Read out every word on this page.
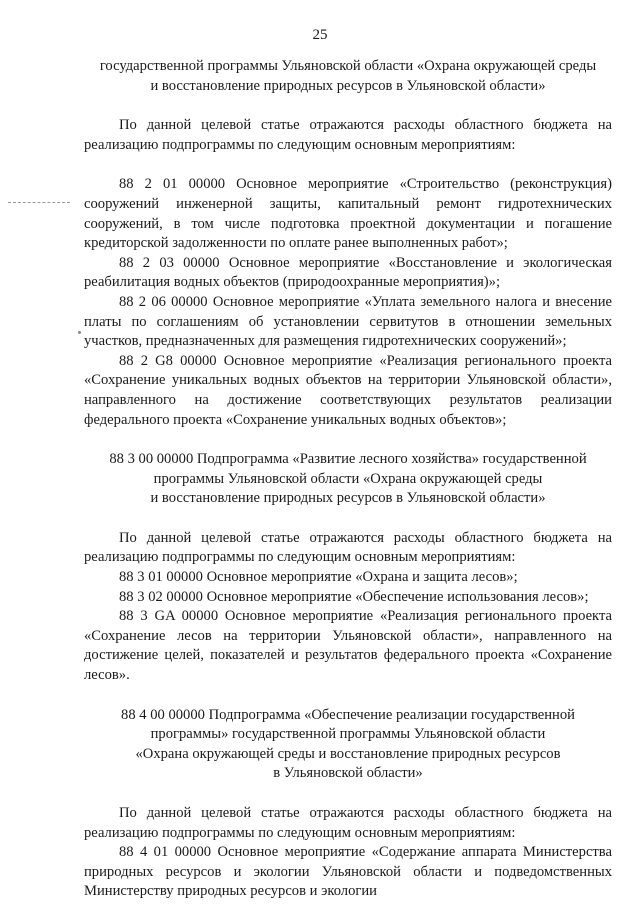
25
государственной программы Ульяновской области «Охрана окружающей среды
и восстановление природных ресурсов в Ульяновской области»

По данной целевой статье отражаются расходы областного бюджета на реализацию подпрограммы по следующим основным мероприятиям:

88 2 01 00000 Основное мероприятие «Строительство (реконструкция) сооружений инженерной защиты, капитальный ремонт гидротехнических сооружений, в том числе подготовка проектной документации и погашение кредиторской задолженности по оплате ранее выполненных работ»;

88 2 03 00000 Основное мероприятие «Восстановление и экологическая реабилитация водных объектов (природоохранные мероприятия)»;

88 2 06 00000 Основное мероприятие «Уплата земельного налога и внесение платы по соглашениям об установлении сервитутов в отношении земельных участков, предназначенных для размещения гидротехнических сооружений»;

88 2 G8 00000 Основное мероприятие «Реализация регионального проекта «Сохранение уникальных водных объектов на территории Ульяновской области», направленного на достижение соответствующих результатов реализации федерального проекта «Сохранение уникальных водных объектов»;

88 3 00 00000 Подпрограмма «Развитие лесного хозяйства» государственной
программы Ульяновской области «Охрана окружающей среды
и восстановление природных ресурсов в Ульяновской области»

По данной целевой статье отражаются расходы областного бюджета на реализацию подпрограммы по следующим основным мероприятиям:

88 3 01 00000 Основное мероприятие «Охрана и защита лесов»;

88 3 02 00000 Основное мероприятие «Обеспечение использования лесов»;

88 3 GA 00000 Основное мероприятие «Реализация регионального проекта «Сохранение лесов на территории Ульяновской области», направленного на достижение целей, показателей и результатов федерального проекта «Сохранение лесов».

88 4 00 00000 Подпрограмма «Обеспечение реализации государственной
программы» государственной программы Ульяновской области
«Охрана окружающей среды и восстановление природных ресурсов
в Ульяновской области»

По данной целевой статье отражаются расходы областного бюджета на реализацию подпрограммы по следующим основным мероприятиям:

88 4 01 00000 Основное мероприятие «Содержание аппарата Министерства природных ресурсов и экологии Ульяновской области и подведомственных Министерству природных ресурсов и экологии
